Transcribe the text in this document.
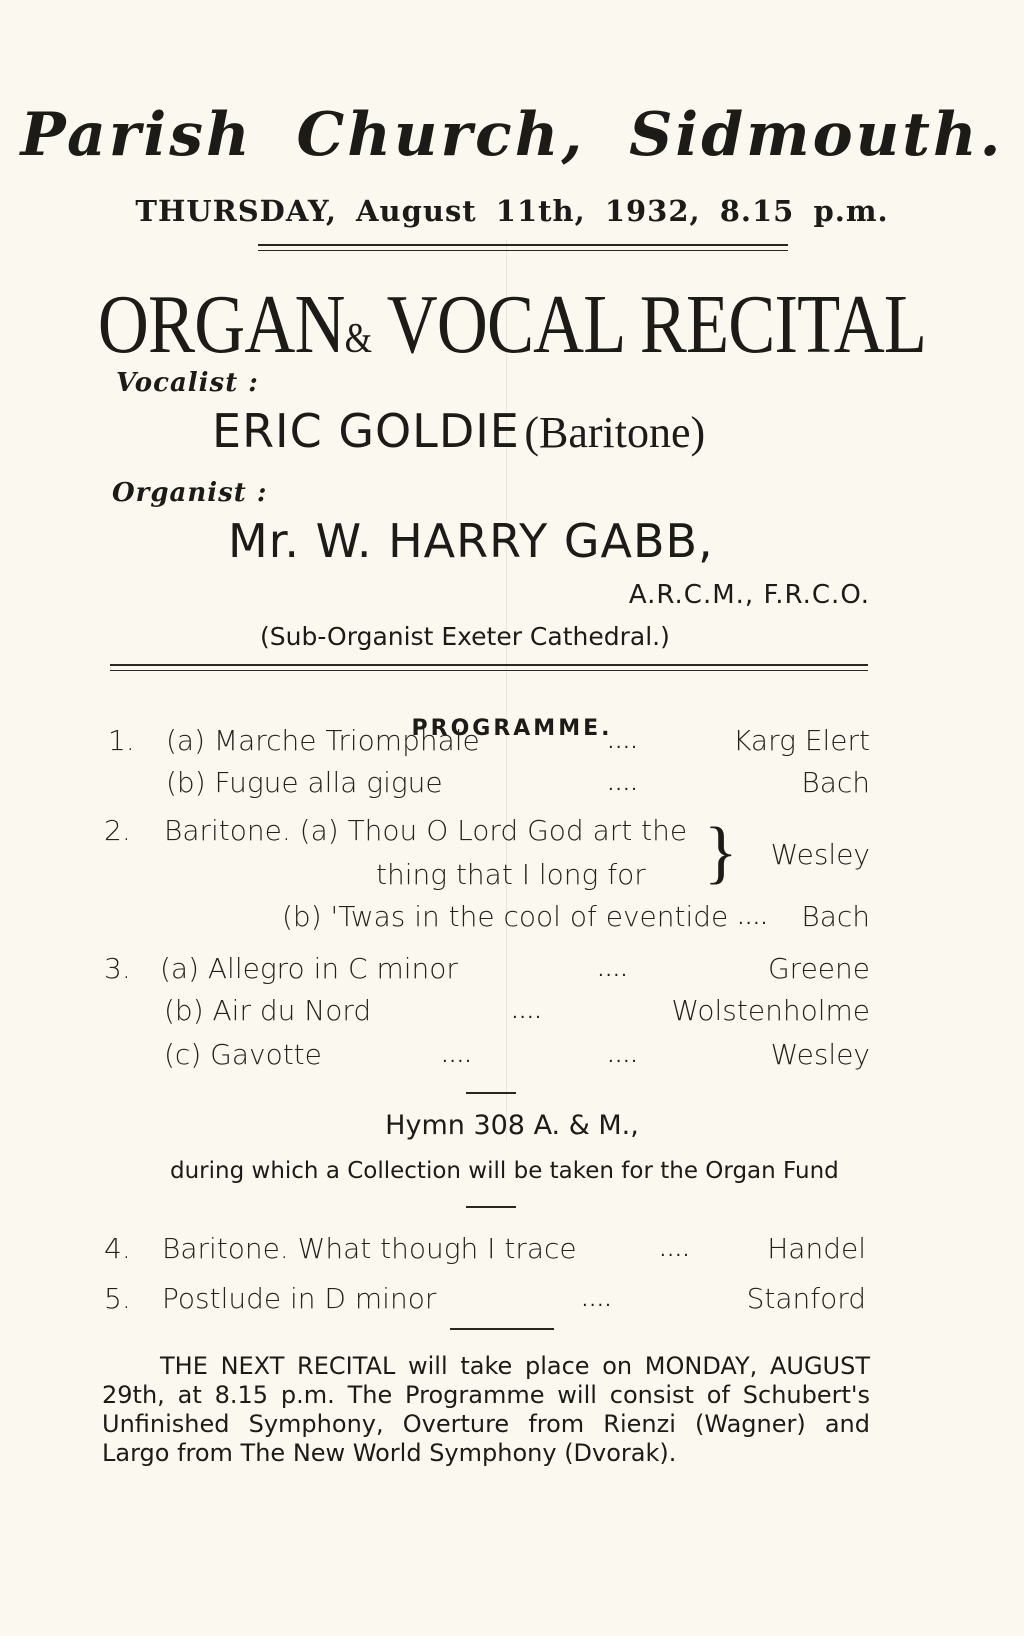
Parish Church, Sidmouth.
THURSDAY, August 11th, 1932, 8.15 p.m.
ORGAN& VOCAL RECITAL
Vocalist :
ERIC GOLDIE (Baritone)
Organist :
Mr. W. HARRY GABB,
A.R.C.M., F.R.C.O.
(Sub-Organist Exeter Cathedral.)
PROGRAMME.
1. (a) Marche Triomphale	....	Karg Elert
(b) Fugue alla gigue	....	Bach
2. Baritone. (a) Thou O Lord God art the
thing that I long for } Wesley
(b) 'Twas in the cool of eventide .... Bach
3. (a) Allegro in C minor	....	Greene
(b) Air du Nord	....	Wolstenholme
(c) Gavotte	....	....	Wesley
Hymn 308 A. & M.,
during which a Collection will be taken for the Organ Fund
4. Baritone. What though I trace	....	Handel
5. Postlude in D minor	....	Stanford
THE NEXT RECITAL will take place on MONDAY, AUGUST 29th, at 8.15 p.m. The Programme will consist of Schubert's Unfinished Symphony, Overture from Rienzi (Wagner) and Largo from The New World Symphony (Dvorak).
